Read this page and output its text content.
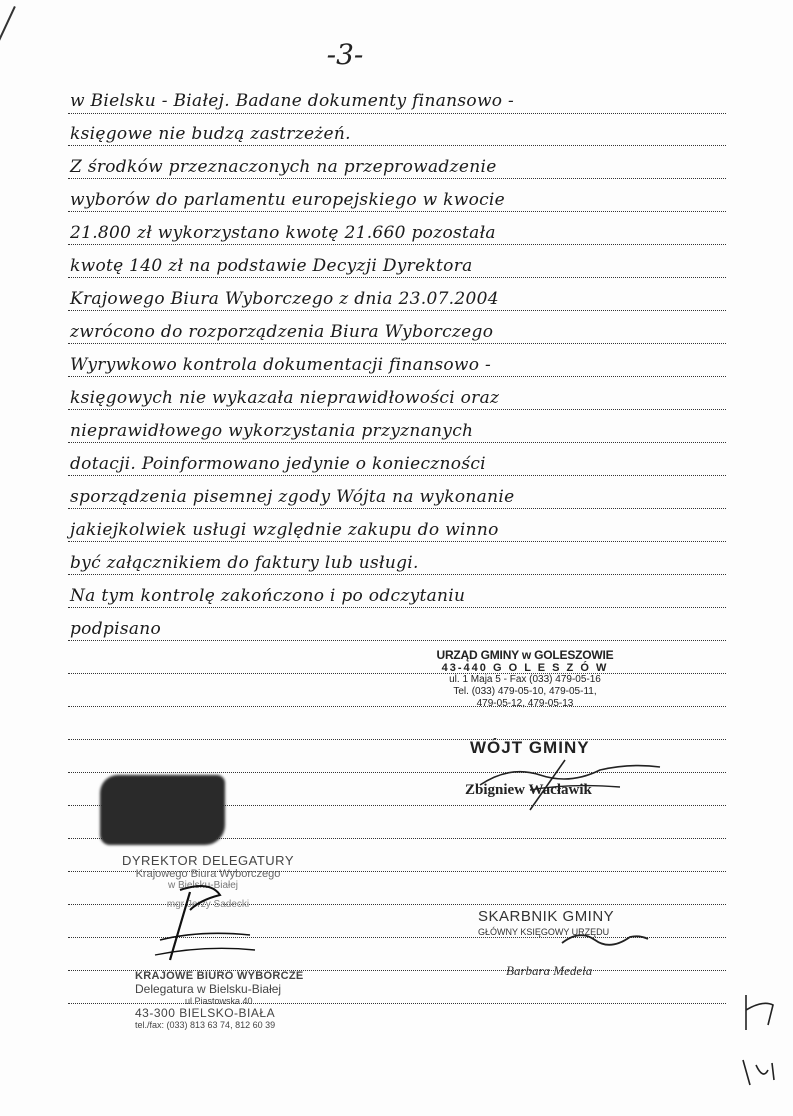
-3-
w Bielsku - Białej. Badane dokumenty finansowo -
księgowe nie budzą zastrzeżeń.
Z środków przeznaczonych na przeprowadzenie
wyborów do parlamentu europejskiego w kwocie
21.800 zł wykorzystano kwotę 21.660 pozostała
kwotę 140 zł na podstawie Decyzji Dyrektora
Krajowego Biura Wyborczego z dnia 23.07.2004
zwrócono do rozporządzenia Biura Wyborczego
Wyrywkowo kontrola dokumentacji finansowo -
księgowych nie wykazała nieprawidłowości oraz
nieprawidłowego wykorzystania przyznanych
dotacji. Poinformowano jedynie o konieczności
sporządzenia pisemnej zgody Wójta na wykonanie
jakiejkolwiek usługi względnie zakupu do winno
być załącznikiem do faktury lub usługi.
Na tym kontrolę zakończono i po odczytaniu
podpisano
URZĄD GMINY w GOLESZOWIE
43-440 G O L E S Z Ó W
ul. 1 Maja 5 - Fax (033) 479-05-16
Tel. (033) 479-05-10, 479-05-11,
479-05-12, 479-05-13
WÓJT GMINY
Zbigniew Wacławik
DYREKTOR DELEGATURY
Krajowego Biura Wyborczego
w Bielsku-Białej
mgr Jerzy Sadecki
SKARBNIK GMINY
GŁÓWNY KSIĘGOWY URZĘDU
Barbara Medela
KRAJOWE BIURO WYBORCZE
Delegatura w Bielsku-Białej
ul.Piastowska 40
43-300 BIELSKO-BIAŁA
tel./fax: (033) 813 63 74, 812 60 39
